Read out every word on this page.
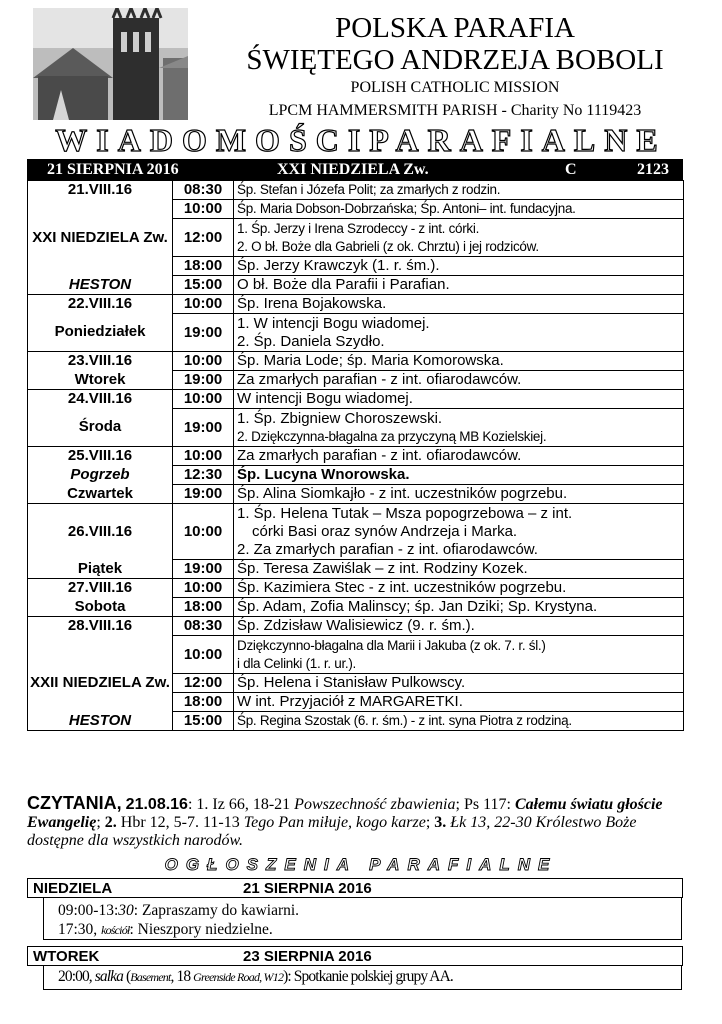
POLSKA PARAFIA
ŚWIĘTEGO ANDRZEJA BOBOLI
POLISH CATHOLIC MISSION
LPCM HAMMERSMITH PARISH - Charity No 1119423
WIADOMOŚCIPARAFIALNE
21 SIERPNIA 2016	XXI NIEDZIELA Zw.	C	2123
21.VIII.16	08:30	Śp. Stefan i Józefa Polit; za zmarłych z rodzin.
	10:00	Śp. Maria Dobson-Dobrzańska; Śp. Antoni– int. fundacyjna.
XXI NIEDZIELA Zw.	12:00	1. Śp. Jerzy i Irena Szrodeccy - z int. córki.
2. O bł. Boże dla Gabrieli (z ok. Chrztu) i jej rodziców.

	18:00	Śp. Jerzy Krawczyk (1. r. śm.).
HESTON	15:00	O bł. Boże dla Parafii i Parafian.
22.VIII.16	10:00	Śp. Irena Bojakowska.
Poniedziałek	19:00	1. W intencji Bogu wiadomej.
2. Śp. Daniela Szydło.

23.VIII.16	10:00	Śp. Maria Lode; śp. Maria Komorowska.
Wtorek	19:00	Za zmarłych parafian - z int. ofiarodawców.
24.VIII.16	10:00	W intencji Bogu wiadomej.
Środa	19:00	1. Śp. Zbigniew Choroszewski.
2. Dziękczynna-błagalna za przyczyną MB Kozielskiej.

25.VIII.16	10:00	Za zmarłych parafian - z int. ofiarodawców.
Pogrzeb	12:30	Śp. Lucyna Wnorowska.
Czwartek	19:00	Śp. Alina Siomkajło - z int. uczestników pogrzebu.
26.VIII.16	10:00	1. Śp. Helena Tutak – Msza popogrzebowa – z int.
córki Basi oraz synów Andrzeja i Marka.
2. Za zmarłych parafian - z int. ofiarodawców.

Piątek	19:00	Śp. Teresa Zawiślak – z int. Rodziny Kozek.
27.VIII.16	10:00	Śp. Kazimiera Stec - z int. uczestników pogrzebu.
Sobota	18:00	Śp. Adam, Zofia Malinscy; śp. Jan Dziki; Sp. Krystyna.
28.VIII.16	08:30	Śp. Zdzisław Walisiewicz (9. r. śm.).
	10:00	Dziękczynno-błagalna dla Marii i Jakuba (z ok. 7. r. śl.)
i dla Celinki (1. r. ur.).

XXII NIEDZIELA Zw.	12:00	Śp. Helena i Stanisław Pulkowscy.
	18:00	W int. Przyjaciół z MARGARETKI.
HESTON	15:00	Śp. Regina Szostak (6. r. śm.) - z int. syna Piotra z rodziną.
CZYTANIA, 21.08.16: 1. Iz 66, 18-21 Powszechność zbawienia; Ps 117: Całemu światu głoście Ewangelię; 2. Hbr 12, 5-7. 11-13 Tego Pan miłuje, kogo karze; 3. Łk 13, 22-30 Królestwo Boże dostępne dla wszystkich narodów.
OGŁOSZENIA PARAFIALNE
NIEDZIELA	21 SIERPNIA 2016
09:00-13:30: Zapraszamy do kawiarni.
17:30, kościół: Nieszpory niedzielne.
WTOREK	23 SIERPNIA 2016
20:00, salka (Basement, 18 Greenside Road, W12): Spotkanie polskiej grupy AA.
